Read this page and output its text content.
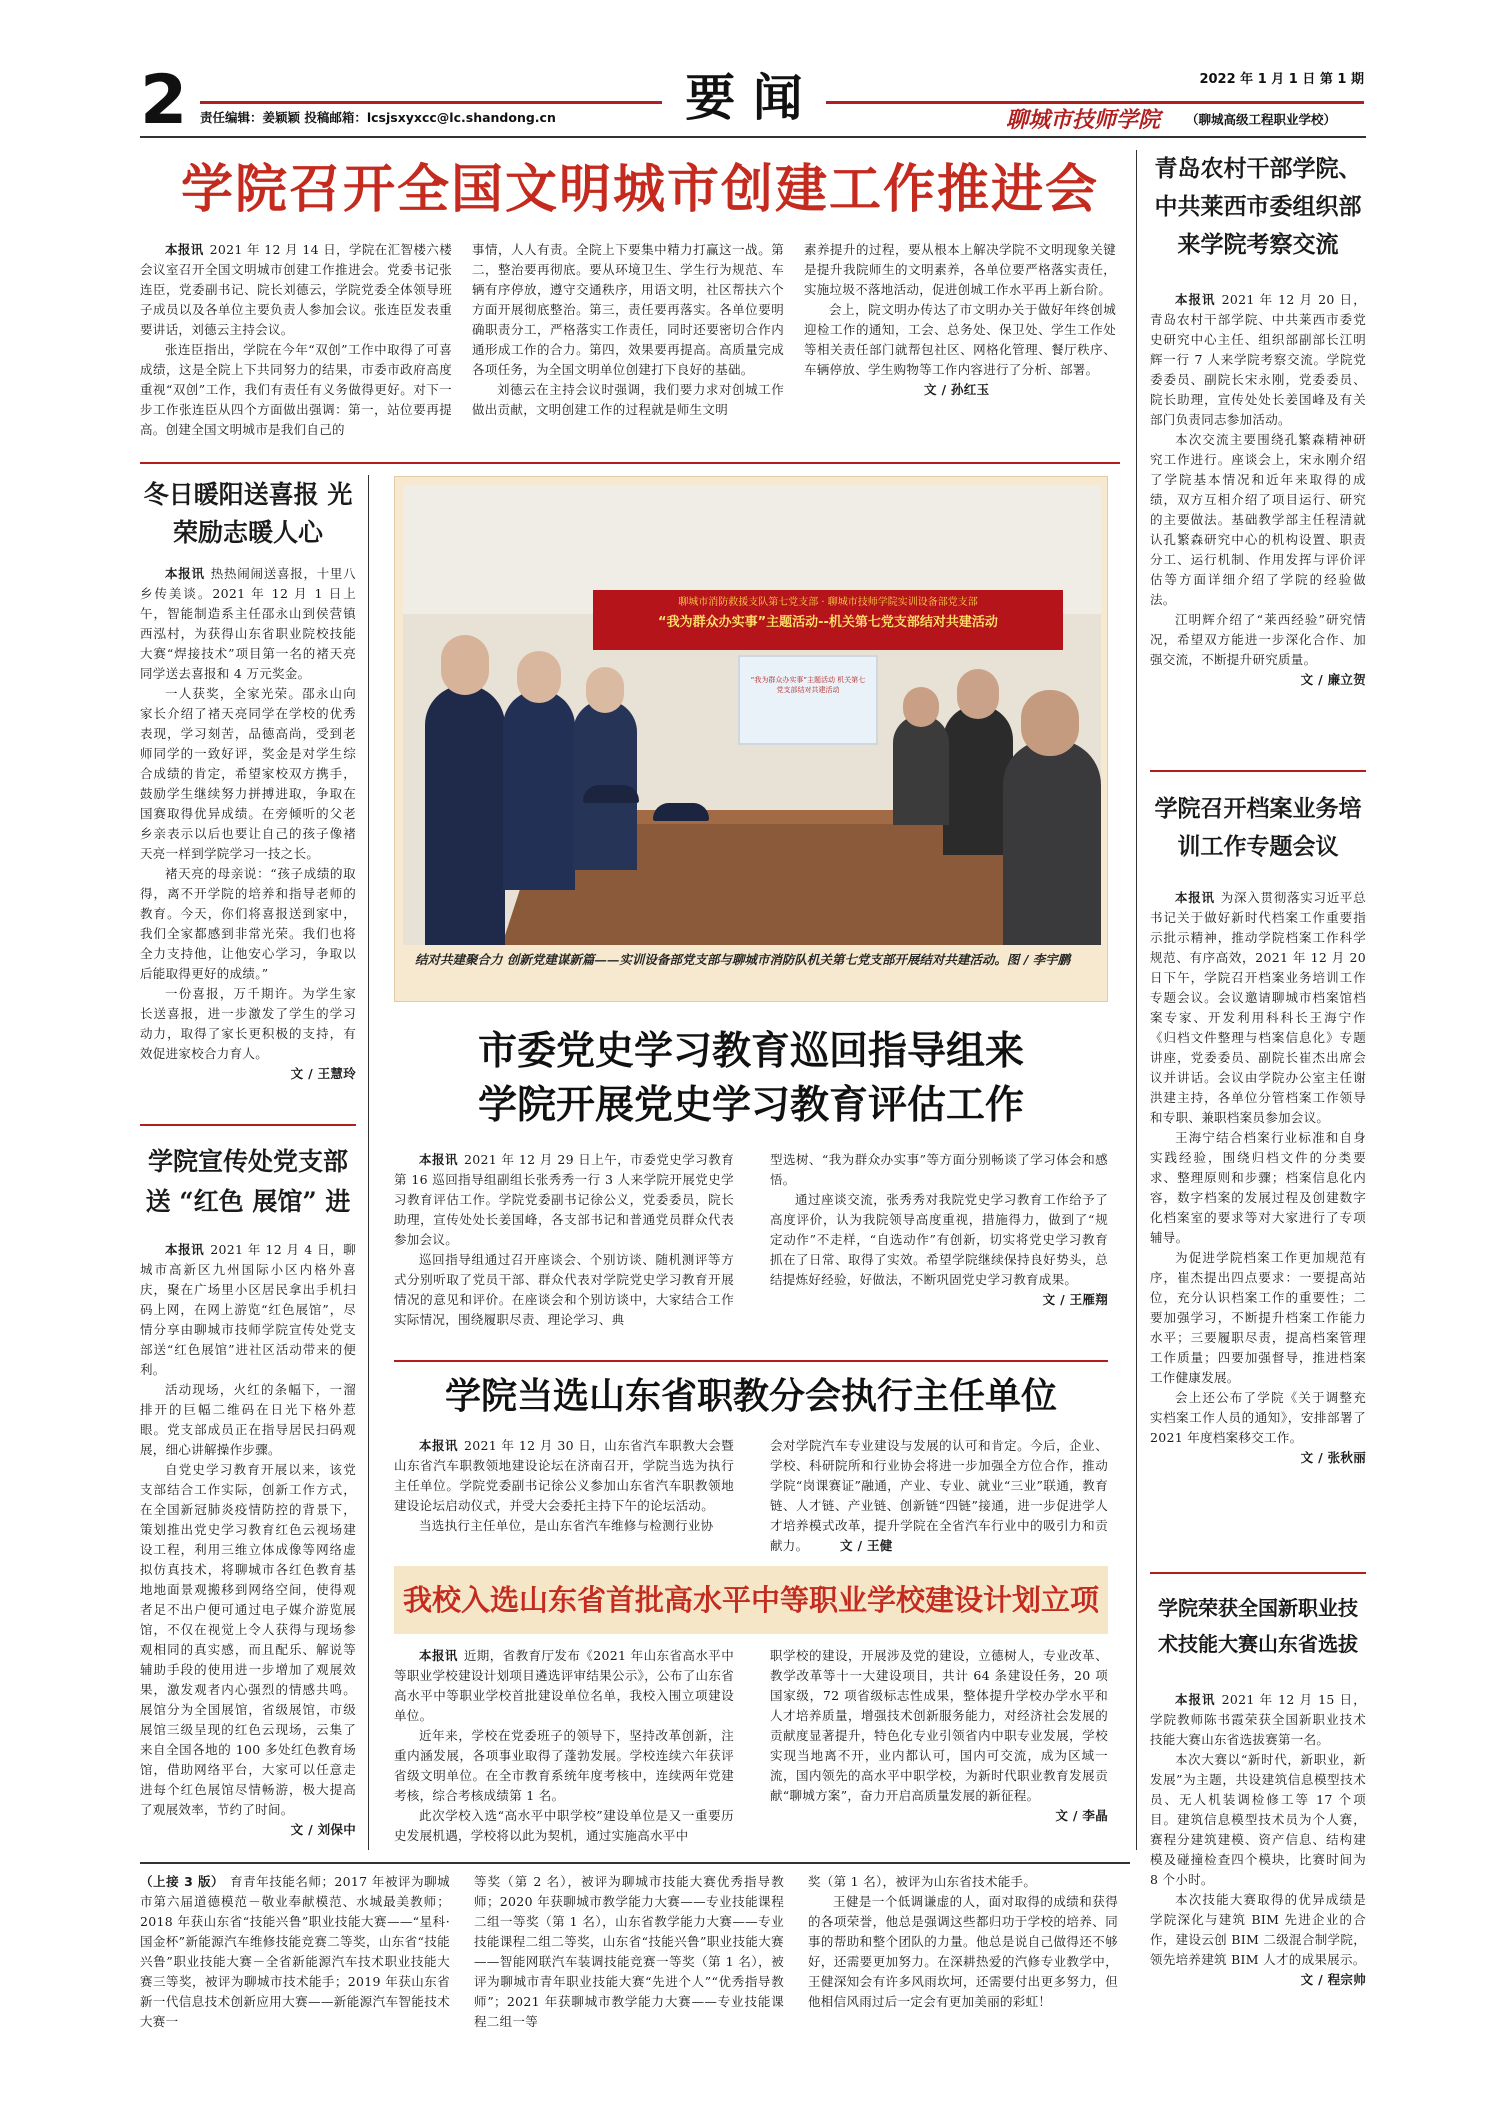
2	责任编辑：姜颖颖 投稿邮箱：lcsjsxyxcc@lc.shandong.cn	要 闻	2022 年 1 月 1 日 第 1 期
聊城市技师学院	（聊城高级工程职业学校）
学院召开全国文明城市创建工作推进会

本报讯 2021 年 12 月 14 日，学院在汇智楼六楼会议室召开全国文明城市创建工作推进会。党委书记张连臣，党委副书记、院长刘德云，学院党委全体领导班子成员以及各单位主要负责人参加会议。张连臣发表重要讲话，刘德云主持会议。

张连臣指出，学院在今年“双创”工作中取得了可喜成绩，这是全院上下共同努力的结果，市委市政府高度重视“双创”工作，我们有责任有义务做得更好。对下一步工作张连臣从四个方面做出强调：第一，站位要再提高。创建全国文明城市是我们自己的

事情，人人有责。全院上下要集中精力打赢这一战。第二，整治要再彻底。要从环境卫生、学生行为规范、车辆有序停放，遵守交通秩序，用语文明，社区帮扶六个方面开展彻底整治。第三，责任要再落实。各单位要明确职责分工，严格落实工作责任，同时还要密切合作内通形成工作的合力。第四，效果要再提高。高质量完成各项任务，为全国文明单位创建打下良好的基础。

刘德云在主持会议时强调，我们要力求对创城工作做出贡献，文明创建工作的过程就是师生文明

素养提升的过程，要从根本上解决学院不文明现象关键是提升我院师生的文明素养，各单位要严格落实责任，实施垃圾不落地活动，促进创城工作水平再上新台阶。

会上，院文明办传达了市文明办关于做好年终创城迎检工作的通知，工会、总务处、保卫处、学生工作处等相关责任部门就帮包社区、网格化管理、餐厅秩序、车辆停放、学生购物等工作内容进行了分析、部署。

文 / 孙红玉
青岛农村干部学院、中共莱西市委组织部来学院考察交流

本报讯 2021 年 12 月 20 日，青岛农村干部学院、中共莱西市委党史研究中心主任、组织部副部长江明辉一行 7 人来学院考察交流。学院党委委员、副院长宋永刚，党委委员、院长助理，宣传处处长姜国峰及有关部门负责同志参加活动。

本次交流主要围绕孔繁森精神研究工作进行。座谈会上，宋永刚介绍了学院基本情况和近年来取得的成绩，双方互相介绍了项目运行、研究的主要做法。基础教学部主任程清就认孔繁森研究中心的机构设置、职责分工、运行机制、作用发挥与评价评估等方面详细介绍了学院的经验做法。

江明辉介绍了“莱西经验”研究情况，希望双方能进一步深化合作、加强交流，不断提升研究质量。

文 / 廉立贺
学院召开档案业务培训工作专题会议

本报讯 为深入贯彻落实习近平总书记关于做好新时代档案工作重要指示批示精神，推动学院档案工作科学规范、有序高效，2021 年 12 月 20 日下午，学院召开档案业务培训工作专题会议。会议邀请聊城市档案馆档案专家、开发利用科科长王海宁作《归档文件整理与档案信息化》专题讲座，党委委员、副院长崔杰出席会议并讲话。会议由学院办公室主任谢洪建主持，各单位分管档案工作领导和专职、兼职档案员参加会议。

王海宁结合档案行业标准和自身实践经验，围绕归档文件的分类要求、整理原则和步骤；档案信息化内容，数字档案的发展过程及创建数字化档案室的要求等对大家进行了专项辅导。

为促进学院档案工作更加规范有序，崔杰提出四点要求：一要提高站位，充分认识档案工作的重要性；二要加强学习，不断提升档案工作能力水平；三要履职尽责，提高档案管理工作质量；四要加强督导，推进档案工作健康发展。

会上还公布了学院《关于调整充实档案工作人员的通知》，安排部署了 2021 年度档案移交工作。

文 / 张秋丽
学院荣获全国新职业技术技能大赛山东省选拔

本报讯 2021 年 12 月 15 日，学院教师陈书霞荣获全国新职业技术技能大赛山东省选拔赛第一名。

本次大赛以“新时代，新职业，新发展”为主题，共设建筑信息模型技术员、无人机装调检修工等 17 个项目。建筑信息模型技术员为个人赛，赛程分建筑建模、资产信息、结构建模及碰撞检查四个模块，比赛时间为 8 个小时。

本次技能大赛取得的优异成绩是学院深化与建筑 BIM 先进企业的合作，建设云创 BIM 二级混合制学院，领先培养建筑 BIM 人才的成果展示。

文 / 程宗帅
冬日暖阳送喜报 光荣励志暖人心

本报讯 热热闹闹送喜报，十里八乡传美谈。2021 年 12 月 1 日上午，智能制造系主任邵永山到侯营镇西泓村，为获得山东省职业院校技能大赛“焊接技术”项目第一名的褚天亮同学送去喜报和 4 万元奖金。

一人获奖，全家光荣。邵永山向家长介绍了褚天亮同学在学校的优秀表现，学习刻苦，品德高尚，受到老师同学的一致好评，奖金是对学生综合成绩的肯定，希望家校双方携手，鼓励学生继续努力拼搏进取，争取在国赛取得优异成绩。在旁倾听的父老乡亲表示以后也要让自己的孩子像褚天亮一样到学院学习一技之长。

褚天亮的母亲说：“孩子成绩的取得，离不开学院的培养和指导老师的教育。今天，你们将喜报送到家中，我们全家都感到非常光荣。我们也将全力支持他，让他安心学习，争取以后能取得更好的成绩。”

一份喜报，万千期许。为学生家长送喜报，进一步激发了学生的学习动力，取得了家长更积极的支持，有效促进家校合力育人。

文 / 王慧玲
学院宣传处党支部送 “红色 展馆” 进

本报讯 2021 年 12 月 4 日，聊城市高新区九州国际小区内格外喜庆，聚在广场里小区居民拿出手机扫码上网，在网上游览“红色展馆”，尽情分享由聊城市技师学院宣传处党支部送“红色展馆”进社区活动带来的便利。

活动现场，火红的条幅下，一溜排开的巨幅二维码在日光下格外惹眼。党支部成员正在指导居民扫码观展，细心讲解操作步骤。

自党史学习教育开展以来，该党支部结合工作实际，创新工作方式，在全国新冠肺炎疫情防控的背景下，策划推出党史学习教育红色云视场建设工程，利用三维立体成像等网络虚拟仿真技术，将聊城市各红色教育基地地面景观搬移到网络空间，使得观者足不出户便可通过电子媒介游览展馆，不仅在视觉上令人获得与现场参观相同的真实感，而且配乐、解说等辅助手段的使用进一步增加了观展效果，激发观者内心强烈的情感共鸣。展馆分为全国展馆，省级展馆，市级展馆三级呈现的红色云现场，云集了来自全国各地的 100 多处红色教育场馆，借助网络平台，大家可以任意走进每个红色展馆尽情畅游，极大提高了观展效率，节约了时间。

文 / 刘保中
聊城市消防救援支队第七党支部 · 聊城市技师学院实训设备部党支部
“我为群众办实事”主题活动--机关第七党支部结对共建活动
“我为群众办实事”主题活动 机关第七党支部结对共建活动
结对共建聚合力 创新党建谋新篇——实训设备部党支部与聊城市消防队机关第七党支部开展结对共建活动。图 / 李宇鹏
市委党史学习教育巡回指导组来
学院开展党史学习教育评估工作

本报讯 2021 年 12 月 29 日上午，市委党史学习教育第 16 巡回指导组副组长张秀秀一行 3 人来学院开展党史学习教育评估工作。学院党委副书记徐公义，党委委员，院长助理，宣传处处长姜国峰，各支部书记和普通党员群众代表参加会议。

巡回指导组通过召开座谈会、个别访谈、随机测评等方式分别听取了党员干部、群众代表对学院党史学习教育开展情况的意见和评价。在座谈会和个别访谈中，大家结合工作实际情况，围绕履职尽责、理论学习、典

型选树、“我为群众办实事”等方面分别畅谈了学习体会和感悟。

通过座谈交流，张秀秀对我院党史学习教育工作给予了高度评价，认为我院领导高度重视，措施得力，做到了“规定动作”不走样，“自选动作”有创新，切实将党史学习教育抓在了日常、取得了实效。希望学院继续保持良好势头，总结提炼好经验，好做法，不断巩固党史学习教育成果。

文 / 王雁翔
学院当选山东省职教分会执行主任单位

本报讯 2021 年 12 月 30 日，山东省汽车职教大会暨山东省汽车职教领地建设论坛在济南召开，学院当选为执行主任单位。学院党委副书记徐公义参加山东省汽车职教领地建设论坛启动仪式，并受大会委托主持下午的论坛活动。

当选执行主任单位，是山东省汽车维修与检测行业协

会对学院汽车专业建设与发展的认可和肯定。今后，企业、学校、科研院所和行业协会将进一步加强全方位合作，推动学院“岗课赛证”融通，产业、专业、就业“三业”联通，教育链、人才链、产业链、创新链“四链”接通，进一步促进学人才培养模式改革，提升学院在全省汽车行业中的吸引力和贡献力。	文 / 王健
我校入选山东省首批高水平中等职业学校建设计划立项

本报讯 近期，省教育厅发布《2021 年山东省高水平中等职业学校建设计划项目遴选评审结果公示》，公布了山东省高水平中等职业学校首批建设单位名单，我校入围立项建设单位。

近年来，学校在党委班子的领导下，坚持改革创新，注重内涵发展，各项事业取得了蓬勃发展。学校连续六年获评省级文明单位。在全市教育系统年度考核中，连续两年党建考核，综合考核成绩第 1 名。

此次学校入选“高水平中职学校”建设单位是又一重要历史发展机遇，学校将以此为契机，通过实施高水平中

职学校的建设，开展涉及党的建设，立德树人，专业改革、教学改革等十一大建设项目，共计 64 条建设任务，20 项国家级，72 项省级标志性成果，整体提升学校办学水平和人才培养质量，增强技术创新服务能力，对经济社会发展的贡献度显著提升，特色化专业引领省内中职专业发展，学校实现当地离不开，业内都认可，国内可交流，成为区域一流，国内领先的高水平中职学校，为新时代职业教育发展贡献“聊城方案”，奋力开启高质量发展的新征程。

文 / 李晶

（上接 3 版） 育青年技能名师；2017 年被评为聊城市第六届道德模范－敬业奉献模范、水城最美教师；2018 年获山东省“技能兴鲁”职业技能大赛——“星科·国金杯”新能源汽车维修技能竞赛二等奖，山东省“技能兴鲁”职业技能大赛－全省新能源汽车技术职业技能大赛三等奖，被评为聊城市技术能手；2019 年获山东省新一代信息技术创新应用大赛——新能源汽车智能技术大赛一

等奖（第 2 名），被评为聊城市技能大赛优秀指导教师；2020 年获聊城市教学能力大赛——专业技能课程二组一等奖（第 1 名），山东省教学能力大赛——专业技能课程二组二等奖，山东省“技能兴鲁”职业技能大赛——智能网联汽车装调技能竞赛一等奖（第 1 名），被评为聊城市青年职业技能大赛“先进个人”“优秀指导教师”；2021 年获聊城市教学能力大赛——专业技能课程二组一等

奖（第 1 名），被评为山东省技术能手。

王健是一个低调谦虚的人，面对取得的成绩和获得的各项荣誉，他总是强调这些都归功于学校的培养、同事的帮助和整个团队的力量。他总是说自己做得还不够好，还需要更加努力。在深耕热爱的汽修专业教学中，王健深知会有许多风雨坎坷，还需要付出更多努力，但他相信风雨过后一定会有更加美丽的彩虹！
